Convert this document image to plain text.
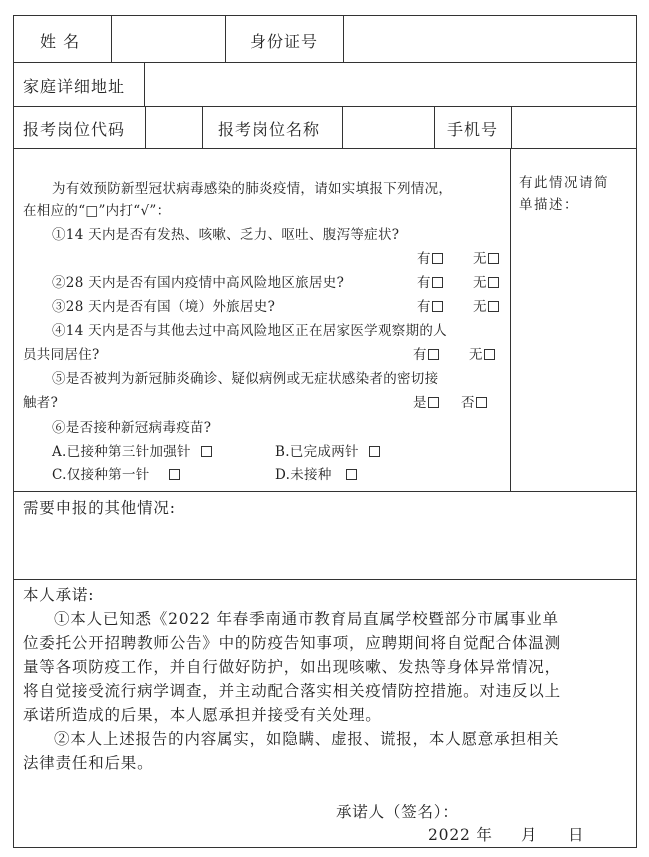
姓 名	身份证号
家庭详细地址
报考岗位代码	报考岗位名称	手机号
为有效预防新型冠状病毒感染的肺炎疫情，请如实填报下列情况，
在相应的“□”内打“√”：
有此情况请简
单描述：
①14 天内是否有发热、咳嗽、乏力、呕吐、腹泻等症状?
有	无
②28 天内是否有国内疫情中高风险地区旅居史?	有	无
③28 天内是否有国（境）外旅居史?	有	无
④14 天内是否与其他去过中高风险地区正在居家医学观察期的人
员共同居住?	有	无
⑤是否被判为新冠肺炎确诊、疑似病例或无症状感染者的密切接
触者?	是	否
⑥是否接种新冠病毒疫苗?
A.已接种第三针加强针	B.已完成两针
C.仅接种第一针	D.未接种
需要申报的其他情况:
本人承诺:
①本人已知悉《2022 年春季南通市教育局直属学校暨部分市属事业单
位委托公开招聘教师公告》中的防疫告知事项，应聘期间将自觉配合体温测
量等各项防疫工作，并自行做好防护，如出现咳嗽、发热等身体异常情况，
将自觉接受流行病学调查，并主动配合落实相关疫情防控措施。对违反以上
承诺所造成的后果，本人愿承担并接受有关处理。
②本人上述报告的内容属实，如隐瞒、虚报、谎报，本人愿意承担相关
法律责任和后果。
承诺人（签名）：
2022 年 月 日
